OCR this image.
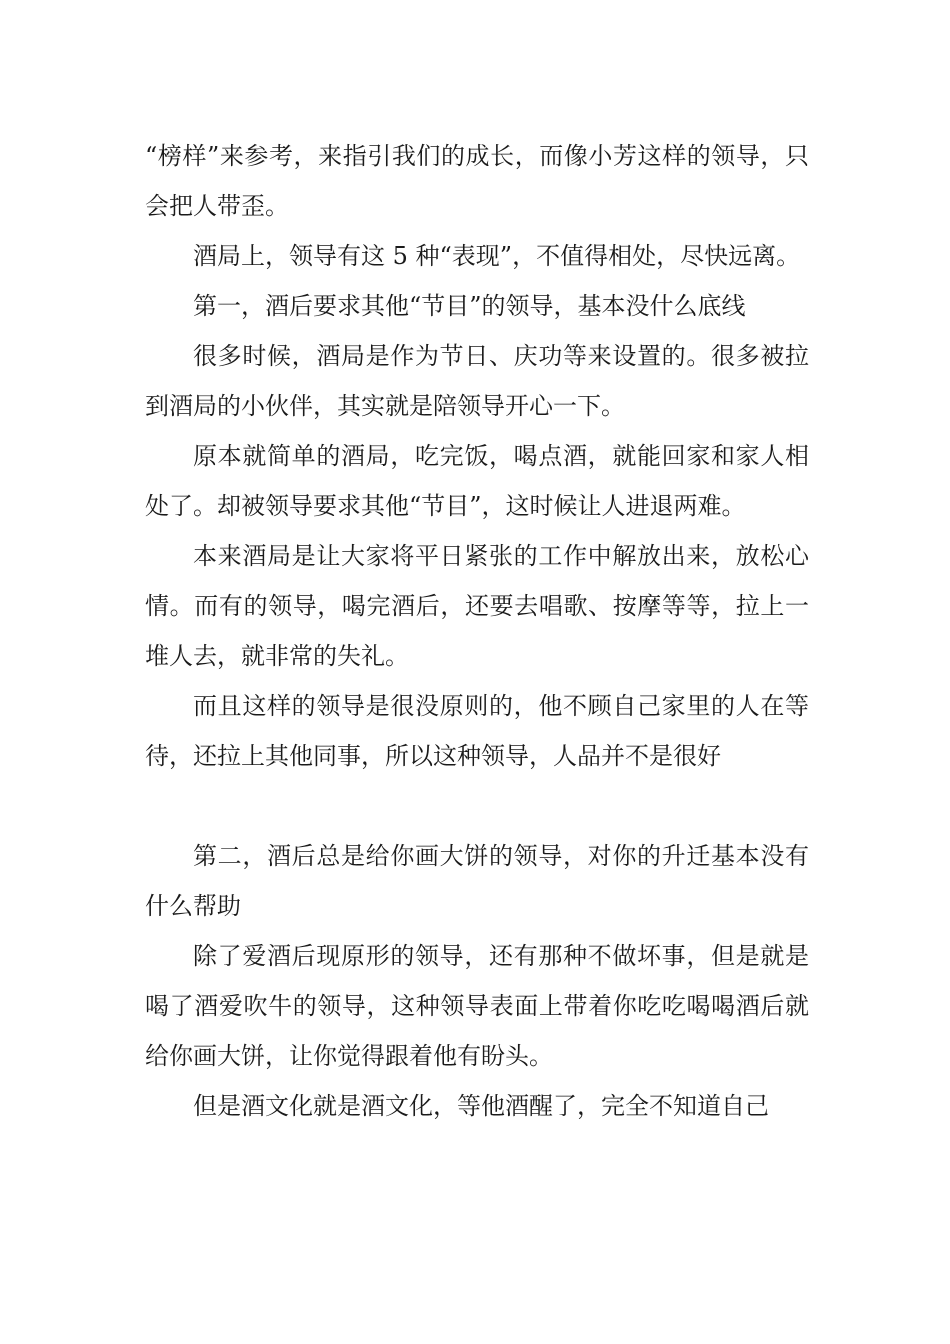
“榜样”来参考，来指引我们的成长，而像小芳这样的领导，只会把人带歪。

酒局上，领导有这 5 种“表现”，不值得相处，尽快远离。

第一，酒后要求其他“节目”的领导，基本没什么底线

很多时候，酒局是作为节日、庆功等来设置的。很多被拉到酒局的小伙伴，其实就是陪领导开心一下。

原本就简单的酒局，吃完饭，喝点酒，就能回家和家人相处了。却被领导要求其他“节目”，这时候让人进退两难。

本来酒局是让大家将平日紧张的工作中解放出来，放松心情。而有的领导，喝完酒后，还要去唱歌、按摩等等，拉上一堆人去，就非常的失礼。

而且这样的领导是很没原则的，他不顾自己家里的人在等待，还拉上其他同事，所以这种领导，人品并不是很好

第二，酒后总是给你画大饼的领导，对你的升迁基本没有什么帮助

除了爱酒后现原形的领导，还有那种不做坏事，但是就是喝了酒爱吹牛的领导，这种领导表面上带着你吃吃喝喝酒后就给你画大饼，让你觉得跟着他有盼头。

但是酒文化就是酒文化，等他酒醒了，完全不知道自己
